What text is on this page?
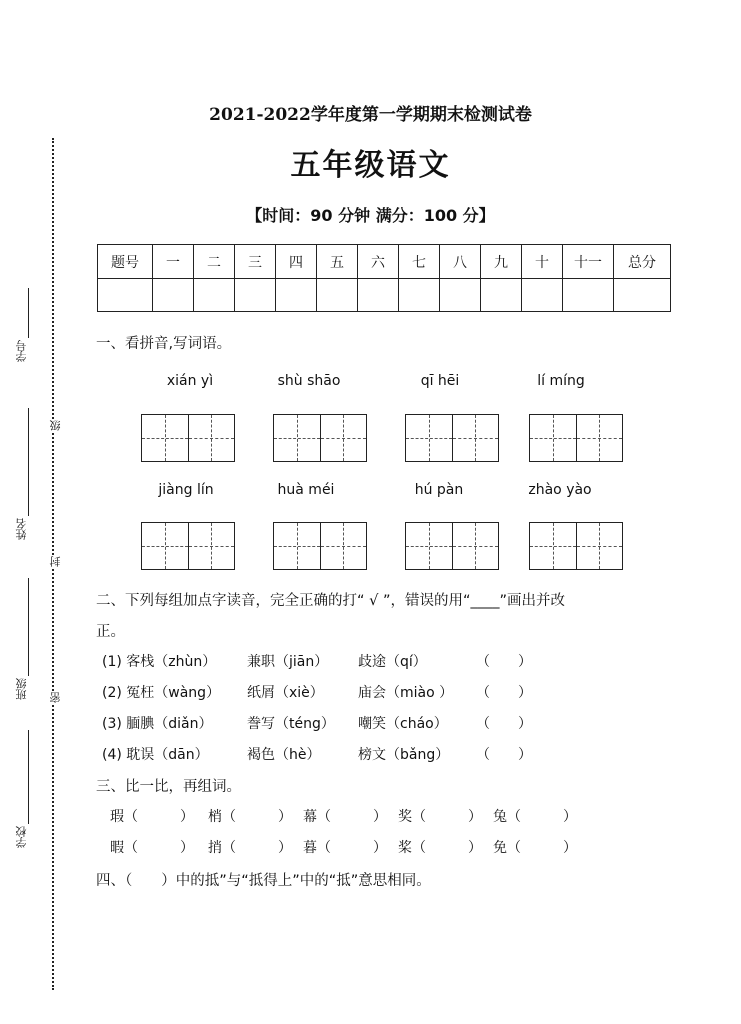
学号
姓名
班级
学校
级
封
密
2021-2022学年度第一学期期末检测试卷
五年级语文
【时间：90 分钟 满分：100 分】
题号	一	二	三	四	五	六	七	八	九	十	十一	总分

一、看拼音,写词语。
xián yì	shù shāo	qī hēi	lí míng
jiàng lín	huà méi	hú pàn	zhào yào
二、下列每组加点字读音，完全正确的打“ √ ”，错误的用“____”画出并改
正。
(1) 客栈（zhùn） 兼职（jiān） 歧途（qí）	（　　）
(2) 冤枉（wàng） 纸屑（xiè） 庙会（miào ） （　　）
(3) 腼腆（diǎn） 誊写（téng） 嘲笑（cháo） （　　）
(4) 耽误（dān）	褐色（hè）	榜文（bǎng） （　　）
三、比一比，再组词。
瑕（　　　） 梢（　　　） 幕（　　　） 奖（　　　） 兔（　　　）
暇（　　　） 捎（　　　） 暮（　　　） 桨（　　　） 免（　　　）
四、（　　）中的抵”与“抵得上”中的“抵”意思相同。
